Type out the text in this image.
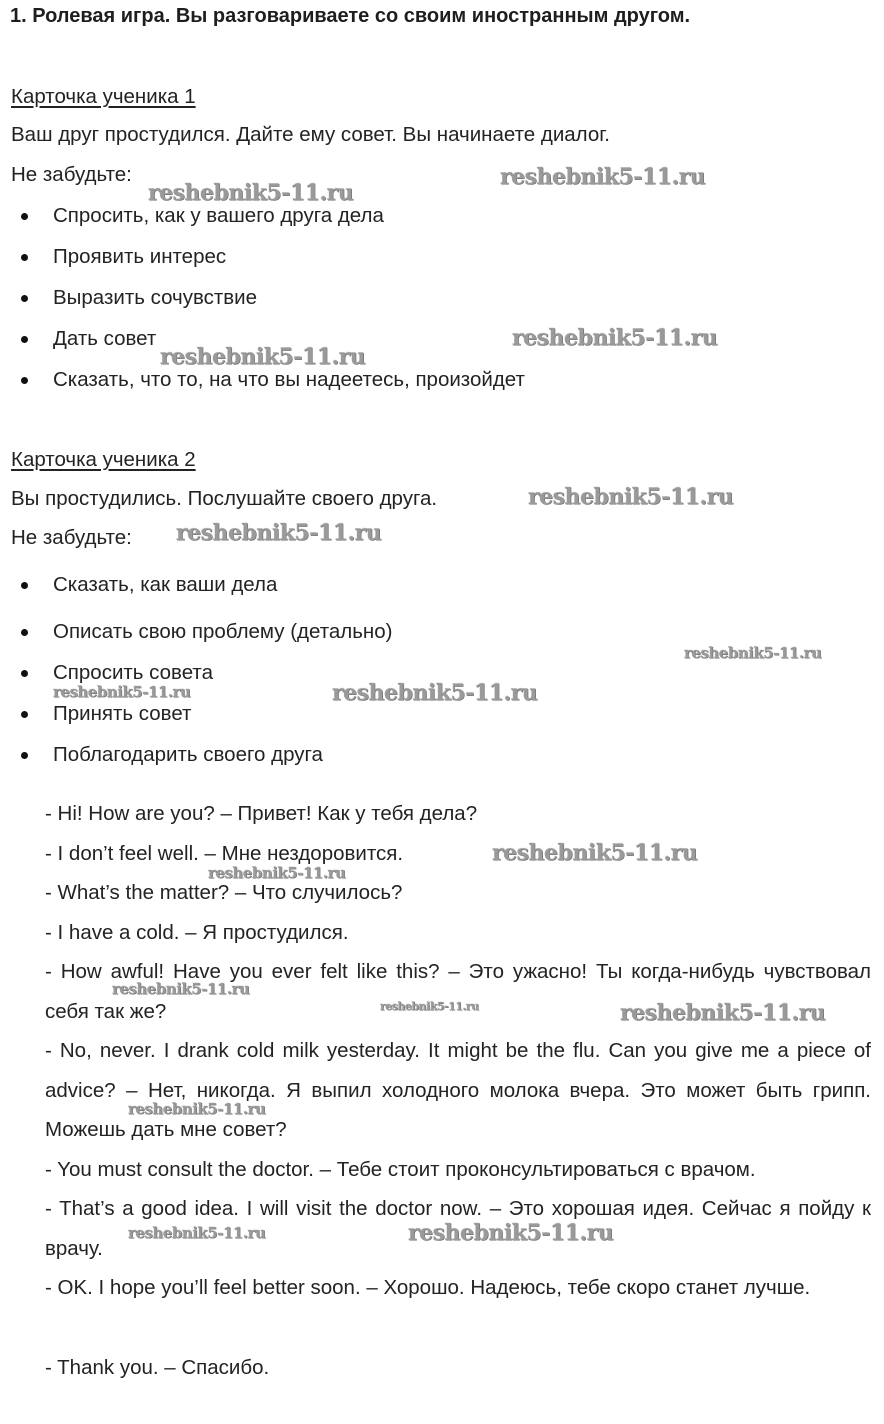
1. Ролевая игра. Вы разговариваете со своим иностранным другом.
Карточка ученика 1
Ваш друг простудился. Дайте ему совет. Вы начинаете диалог.
Не забудьте:
Спросить, как у вашего друга дела
Проявить интерес
Выразить сочувствие
Дать совет
Сказать, что то, на что вы надеетесь, произойдет
Карточка ученика 2
Вы простудились. Послушайте своего друга.
Не забудьте:
Сказать, как ваши дела
Описать свою проблему (детально)
Спросить совета
Принять совет
Поблагодарить своего друга
- Hi! How are you? – Привет! Как у тебя дела?
- I don’t feel well. – Мне нездоровится.
- What’s the matter? – Что случилось?
- I have a cold. – Я простудился.
- How awful! Have you ever felt like this? – Это ужасно! Ты когда-нибудь чувствовал себя так же?
- No, never. I drank cold milk yesterday. It might be the flu. Can you give me a piece of advice? – Нет, никогда. Я выпил холодного молока вчера. Это может быть грипп. Можешь дать мне совет?
- You must consult the doctor. – Тебе стоит проконсультироваться с врачом.
- That’s a good idea. I will visit the doctor now. – Это хорошая идея. Сейчас я пойду к врачу.
- OK. I hope you’ll feel better soon. – Хорошо. Надеюсь, тебе скоро станет лучше.
- Thank you. – Спасибо.
reshebnik5-11.ru
reshebnik5-11.ru
reshebnik5-11.ru
reshebnik5-11.ru
reshebnik5-11.ru
reshebnik5-11.ru
reshebnik5-11.ru
reshebnik5-11.ru	reshebnik5-11.ru
reshebnik5-11.ru
reshebnik5-11.ru
reshebnik5-11.ru
reshebnik5-11.ru	reshebnik5-11.ru
reshebnik5-11.ru
reshebnik5-11.ru	reshebnik5-11.ru
